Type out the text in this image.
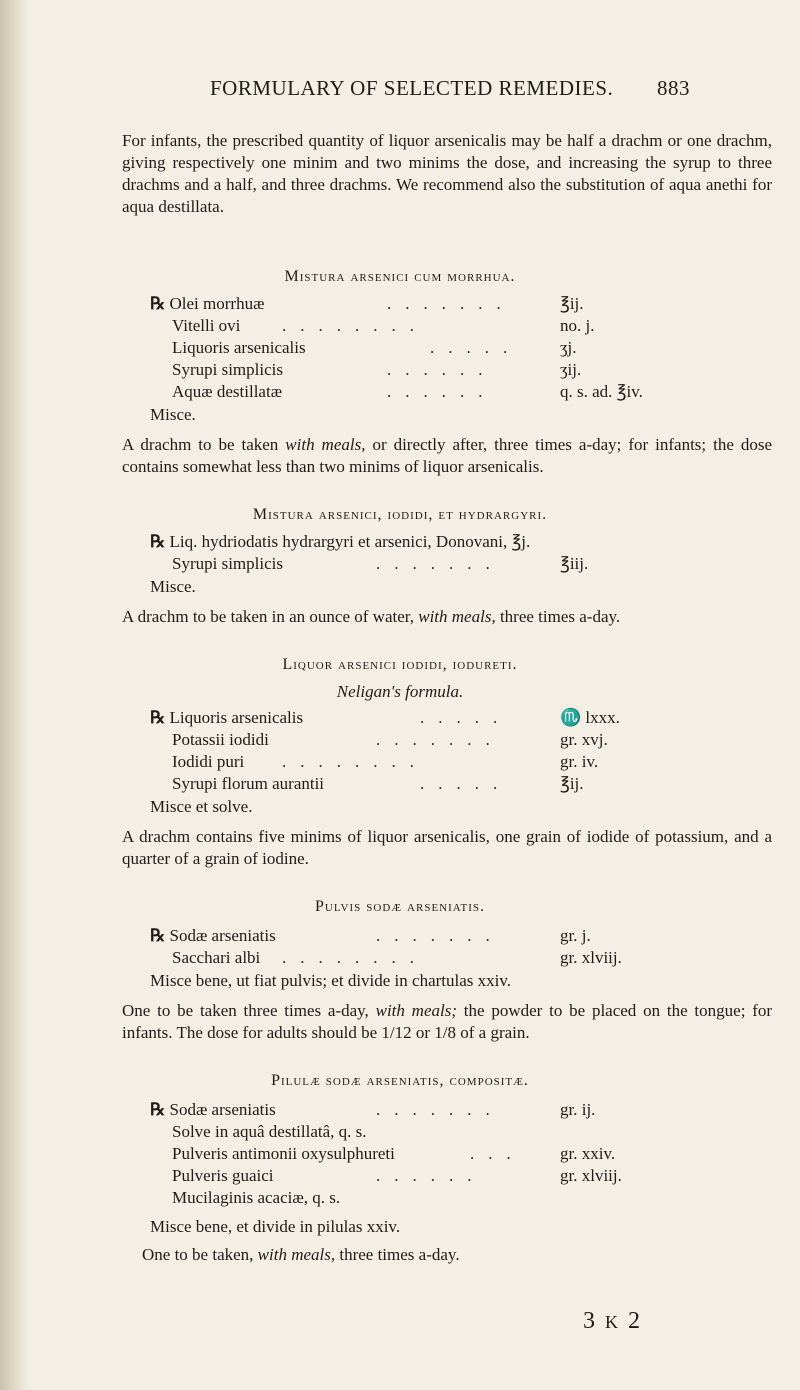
FORMULARY OF SELECTED REMEDIES. 883
For infants, the prescribed quantity of liquor arsenicalis may be half a drachm or one drachm, giving respectively one minim and two minims the dose, and increasing the syrup to three drachms and a half, and three drachms. We recommend also the substitution of aqua anethi for aqua destillata.
Mistura arsenici cum morrhua.
℞ Olei morrhuæ	.......	℥ij.
Vitelli ovi ........	no. j.
Liquoris arsenicalis	..... ʒj.
Syrupi simplicis	......	ʒij.
Aquæ destillatæ	......	q. s. ad. ℥iv.
Misce.
A drachm to be taken with meals, or directly after, three times a-day; for infants; the dose contains somewhat less than two minims of liquor arsenicalis.
Mistura arsenici, iodidi, et hydrargyri.
℞ Liq. hydriodatis hydrargyri et arsenici, Donovani, ℥j.
Syrupi simplicis	.......	℥iij.
Misce.
A drachm to be taken in an ounce of water, with meals, three times a-day.
Liquor arsenici iodidi, iodureti.
Neligan's formula.
℞ Liquoris arsenicalis	.....	♏ lxxx.
Potassii iodidi	.......	gr. xvj.
Iodidi puri ........	gr. iv.
Syrupi florum aurantii	.....	℥ij.
Misce et solve.
A drachm contains five minims of liquor arsenicalis, one grain of iodide of potassium, and a quarter of a grain of iodine.
Pulvis sodæ arseniatis.
℞ Sodæ arseniatis	.......	gr. j.
Sacchari albi ........	gr. xlviij.
Misce bene, ut fiat pulvis; et divide in chartulas xxiv.
One to be taken three times a-day, with meals; the powder to be placed on the tongue; for infants. The dose for adults should be 1/12 or 1/8 of a grain.
Pilulæ sodæ arseniatis, compositæ.
℞ Sodæ arseniatis	.......	gr. ij.
Solve in aquâ destillatâ, q. s.
Pulveris antimonii oxysulphureti	... gr. xxiv.
Pulveris guaici	......	gr. xlviij.
Mucilaginis acaciæ, q. s.
Misce bene, et divide in pilulas xxiv.
One to be taken, with meals, three times a-day.
3 K 2
